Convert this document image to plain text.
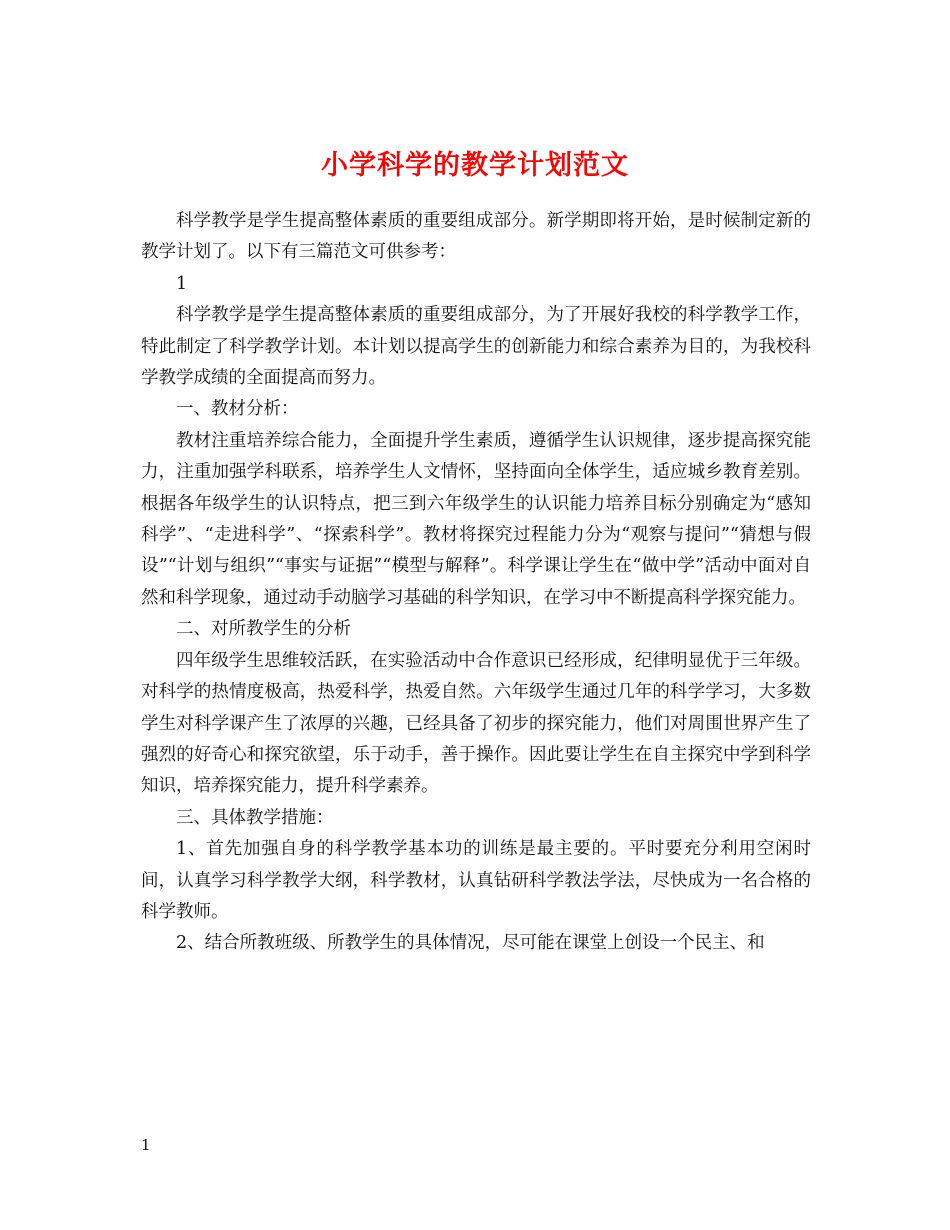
小学科学的教学计划范文

科学教学是学生提高整体素质的重要组成部分。新学期即将开始，是时候制定新的教学计划了。以下有三篇范文可供参考：

1

科学教学是学生提高整体素质的重要组成部分，为了开展好我校的科学教学工作，特此制定了科学教学计划。本计划以提高学生的创新能力和综合素养为目的，为我校科学教学成绩的全面提高而努力。

一、教材分析：

教材注重培养综合能力，全面提升学生素质，遵循学生认识规律，逐步提高探究能力，注重加强学科联系，培养学生人文情怀，坚持面向全体学生，适应城乡教育差别。根据各年级学生的认识特点，把三到六年级学生的认识能力培养目标分别确定为“感知科学”、“走进科学”、“探索科学”。教材将探究过程能力分为“观察与提问”“猜想与假设”“计划与组织”“事实与证据”“模型与解释”。科学课让学生在“做中学”活动中面对自然和科学现象，通过动手动脑学习基础的科学知识，在学习中不断提高科学探究能力。

二、对所教学生的分析

四年级学生思维较活跃，在实验活动中合作意识已经形成，纪律明显优于三年级。对科学的热情度极高，热爱科学，热爱自然。六年级学生通过几年的科学学习，大多数学生对科学课产生了浓厚的兴趣，已经具备了初步的探究能力，他们对周围世界产生了强烈的好奇心和探究欲望，乐于动手，善于操作。因此要让学生在自主探究中学到科学知识，培养探究能力，提升科学素养。

三、具体教学措施：

1、首先加强自身的科学教学基本功的训练是最主要的。平时要充分利用空闲时间，认真学习科学教学大纲，科学教材，认真钻研科学教法学法，尽快成为一名合格的科学教师。

2、结合所教班级、所教学生的具体情况，尽可能在课堂上创设一个民主、和

1
